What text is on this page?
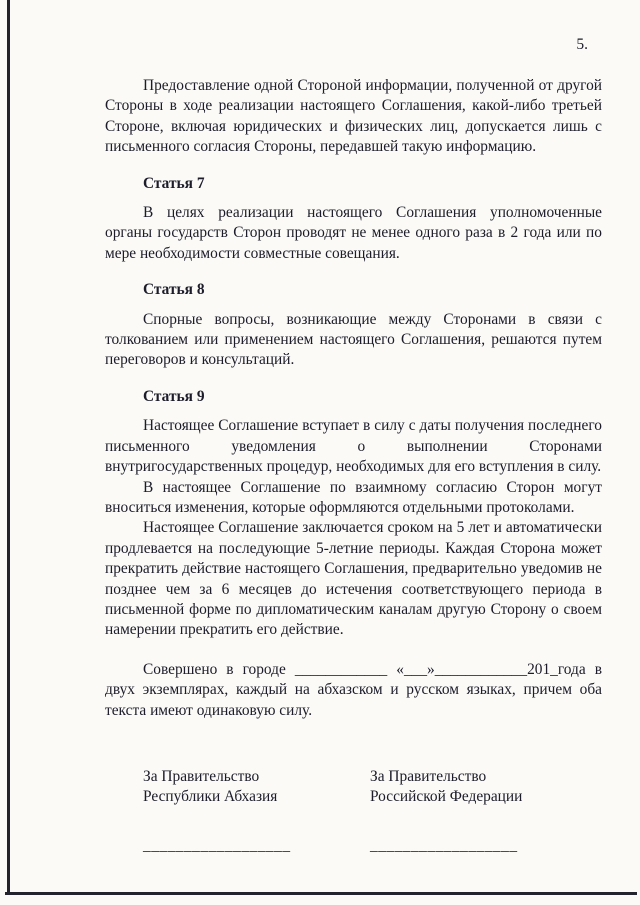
5.

Предоставление одной Стороной информации, полученной от другой Стороны в ходе реализации настоящего Соглашения, какой-либо третьей Стороне, включая юридических и физических лиц, допускается лишь с письменного согласия Стороны, передавшей такую информацию.

Статья 7

В целях реализации настоящего Соглашения уполномоченные органы государств Сторон проводят не менее одного раза в 2 года или по мере необходимости совместные совещания.

Статья 8

Спорные вопросы, возникающие между Сторонами в связи с толкованием или применением настоящего Соглашения, решаются путем переговоров и консультаций.

Статья 9

Настоящее Соглашение вступает в силу с даты получения последнего письменного уведомления о выполнении Сторонами внутригосударственных процедур, необходимых для его вступления в силу.

В настоящее Соглашение по взаимному согласию Сторон могут вноситься изменения, которые оформляются отдельными протоколами.

Настоящее Соглашение заключается сроком на 5 лет и автоматически продлевается на последующие 5-летние периоды. Каждая Сторона может прекратить действие настоящего Соглашения, предварительно уведомив не позднее чем за 6 месяцев до истечения соответствующего периода в письменной форме по дипломатическим каналам другую Сторону о своем намерении прекратить его действие.

Совершено в городе ____________ «___»____________201_года в двух экземплярах, каждый на абхазском и русском языках, причем оба текста имеют одинаковую силу.

За Правительство
Республики Абхазия
__________________
За Правительство
Российской Федерации
__________________
